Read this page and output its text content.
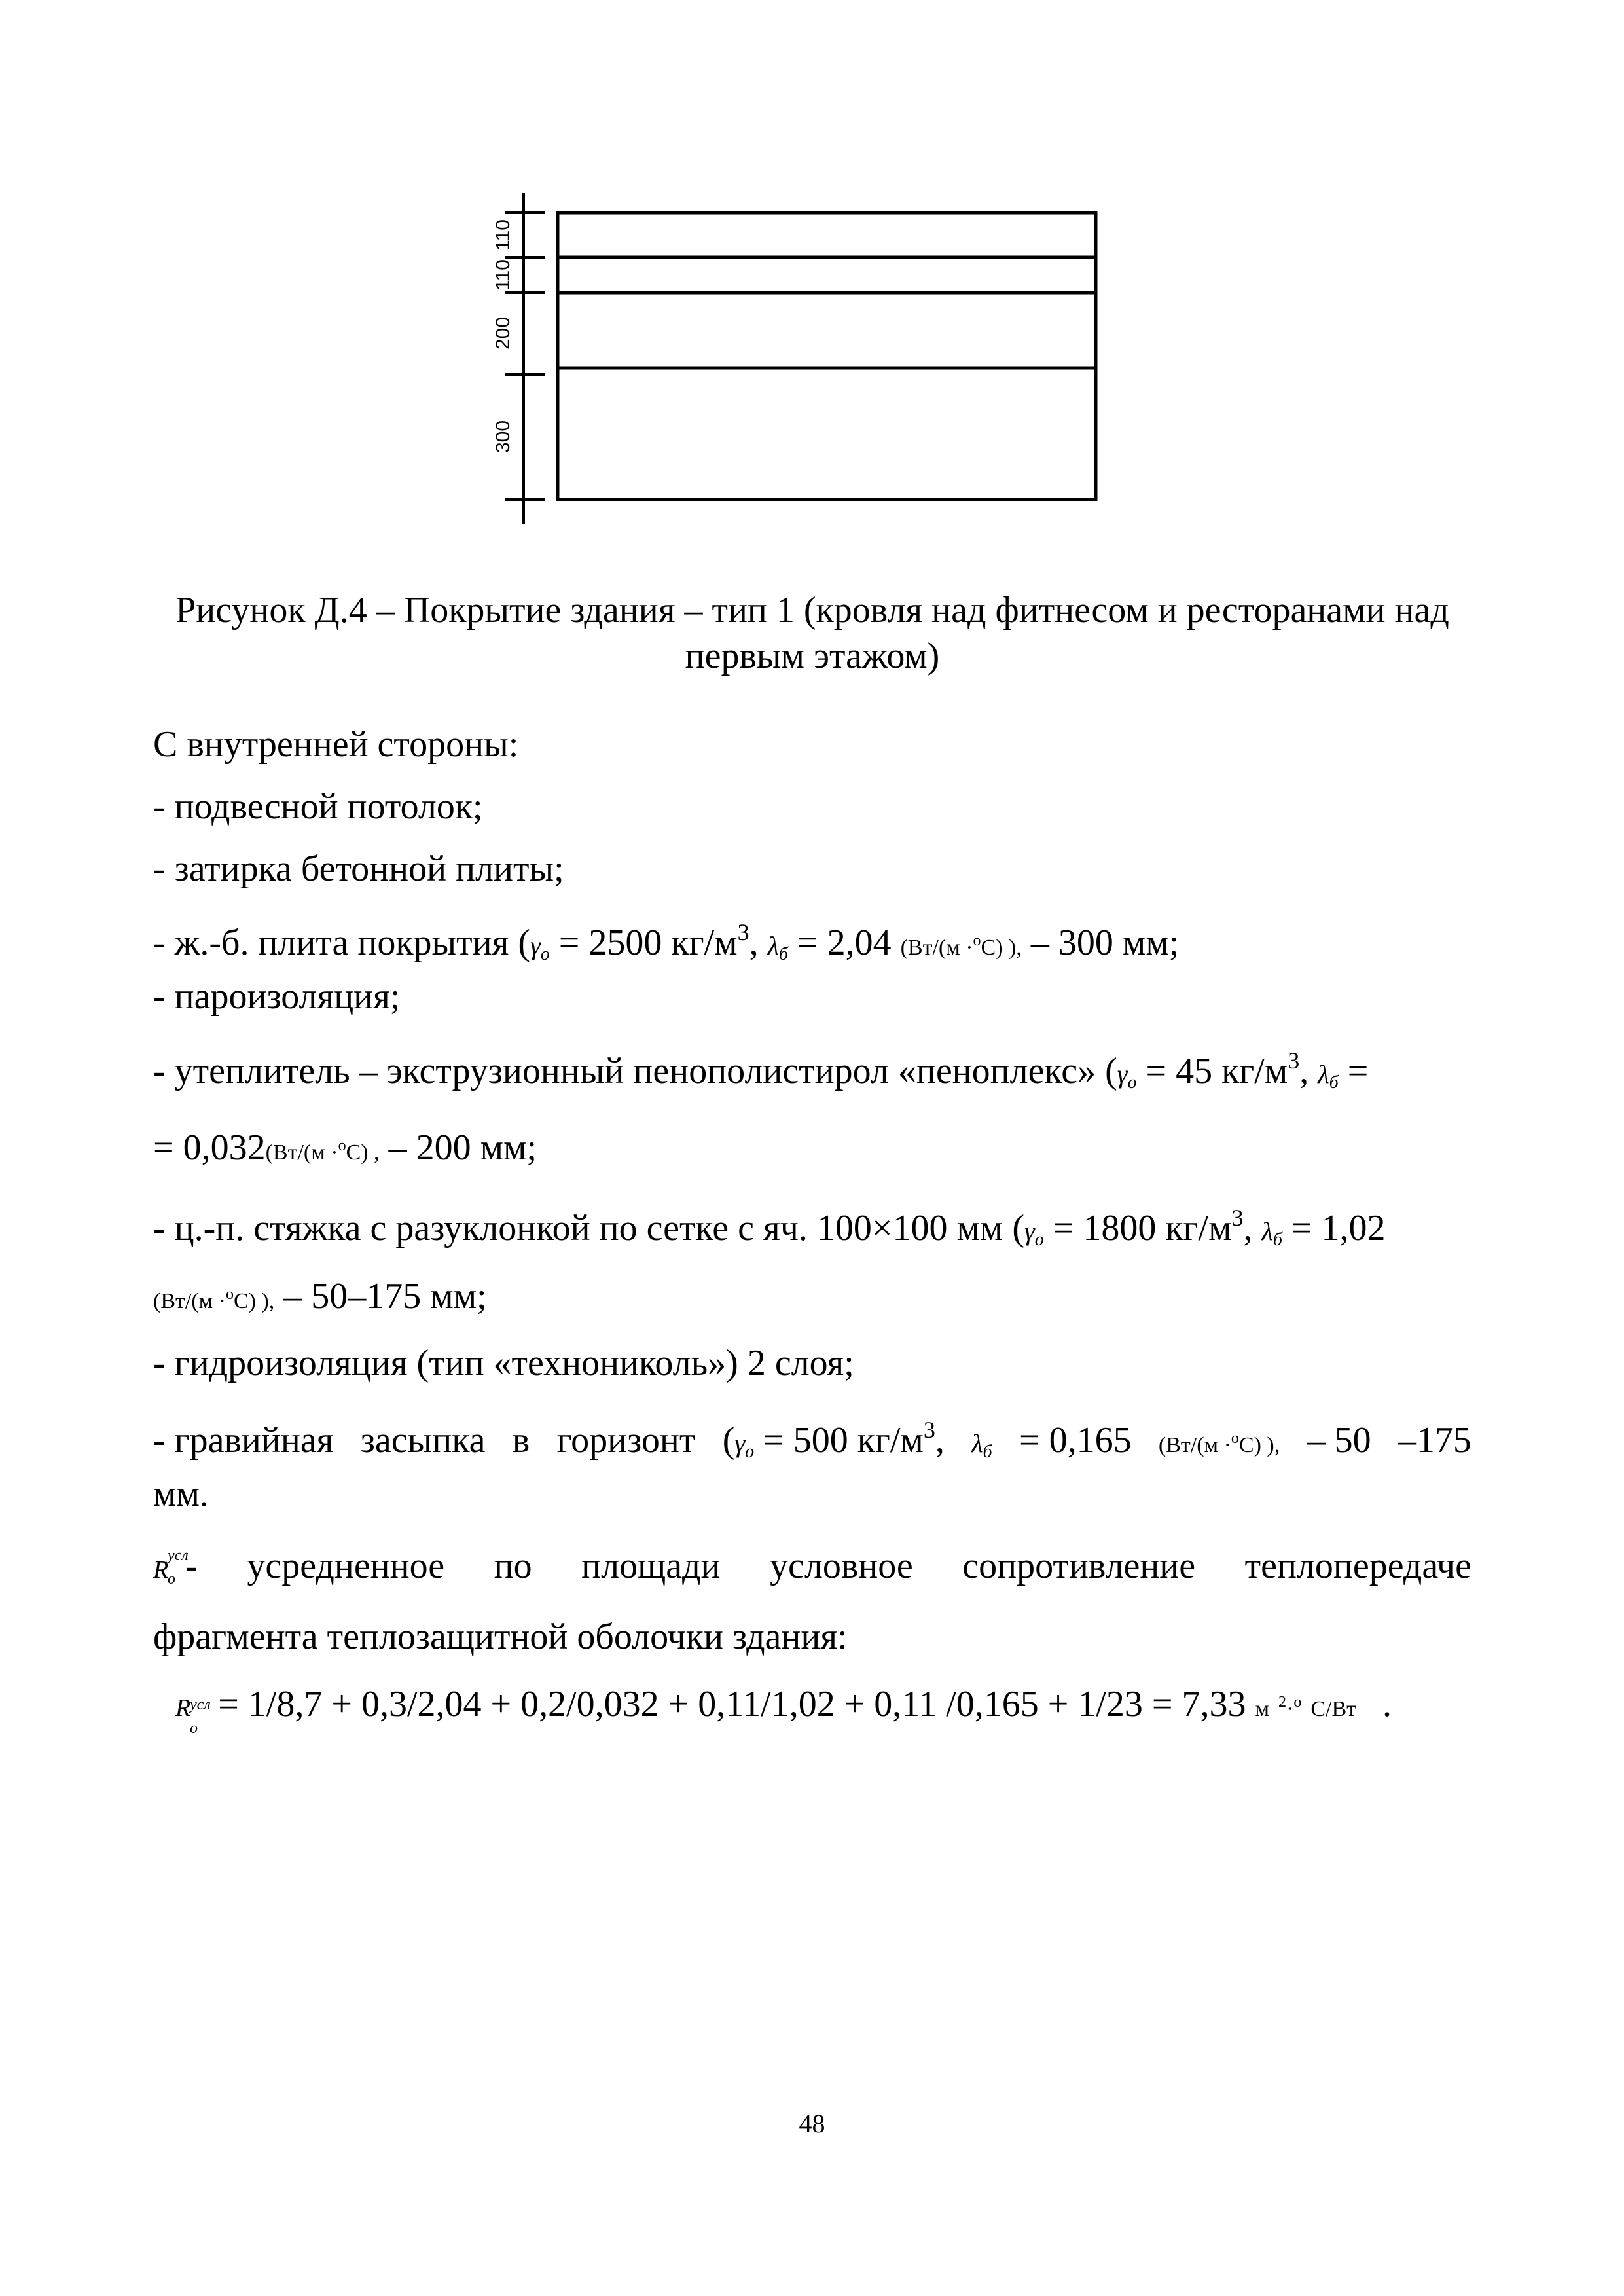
110
110
200
300
Рисунок Д.4 – Покрытие здания – тип 1 (кровля над фитнесом и ресторанами над
первым этажом)
С внутренней стороны:
- подвесной потолок;
- затирка бетонной плиты;
- ж.-б. плита покрытия ($\gamma_о = 2500$ $кг/м^3$, $\lambda_б = 2,04$ (Вт/(м ·$^о$С) ), – 300 мм;
- пароизоляция;
- утеплитель – экструзионный пенополистирол «пеноплекс» ($\gamma_о = 45$ $кг/м^3$, $\lambda_б$ =
= 0,032(Вт/(м ·$^о$С) , – 200 мм;
- ц.-п. стяжка с разуклонкой по сетке с яч. 100×100 мм ($\gamma_о = 1800$ $кг/м^3$, $\lambda_б = 1,02$
(Вт/(м ·$^о$С) ), – 50–175 мм;
- гидроизоляция (тип «технониколь») 2 слоя;
- гравийная засыпка в горизонт ($\gamma_о = 500$ $кг/м^3$, $\lambda_б = 0,165$ (Вт/(м ·$^о$С) ), – 50 –175
мм.
R
усл
о - усредненное по площади условное сопротивление теплопередаче
фрагмента теплозащитной оболочки здания:
R
усл
о
= 1/8,7 + 0,3/2,04 + 0,2/0,032 + 0,11/1,02 + 0,11 /0,165 + 1/23 = 7,33 м $^2$·$^о$ С/Вт .
48
